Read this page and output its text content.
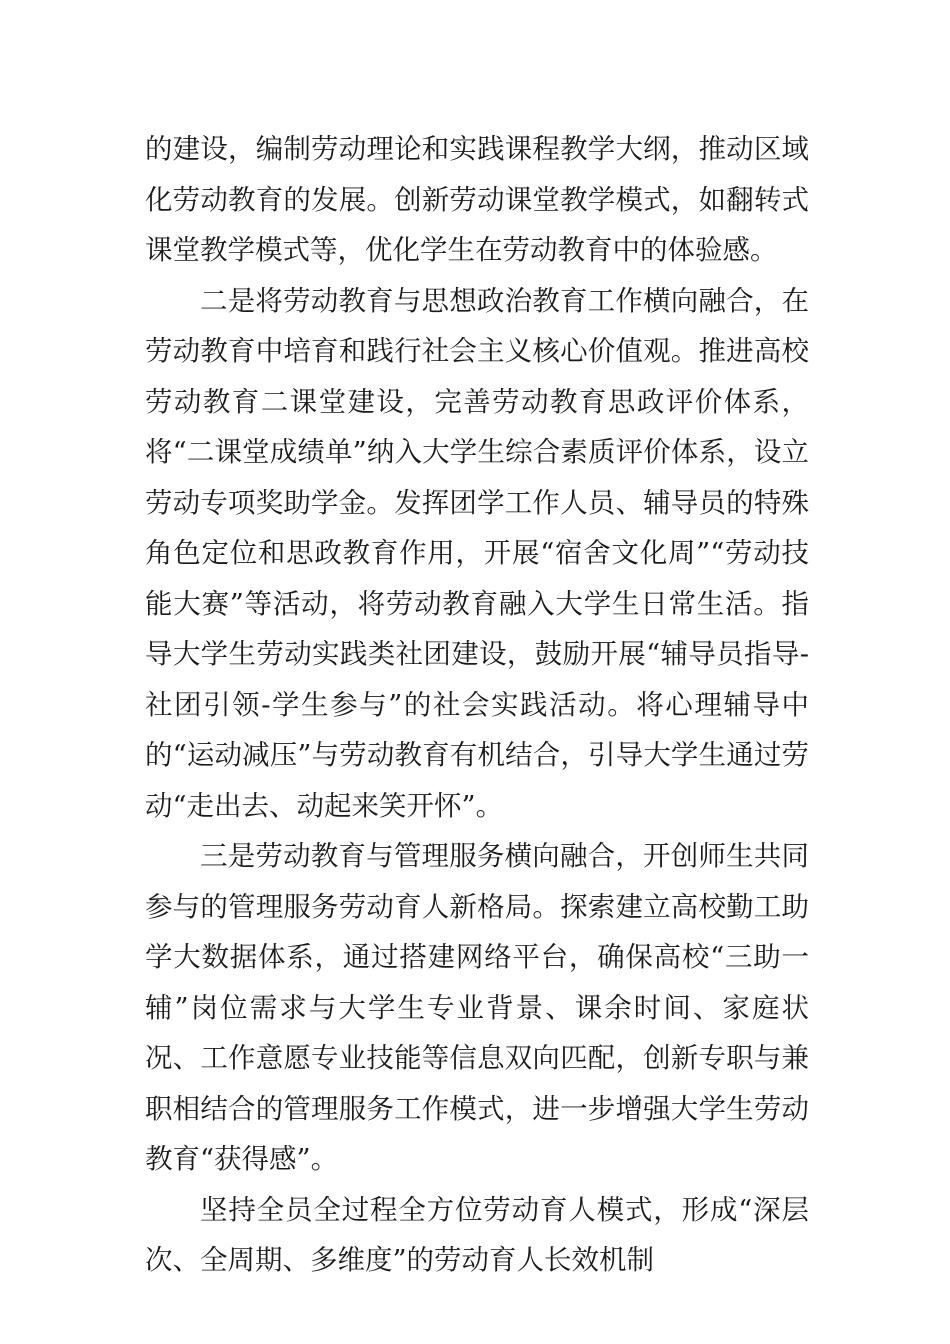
的建设，编制劳动理论和实践课程教学大纲，推动区域化劳动教育的发展。创新劳动课堂教学模式，如翻转式课堂教学模式等，优化学生在劳动教育中的体验感。

二是将劳动教育与思想政治教育工作横向融合，在劳动教育中培育和践行社会主义核心价值观。推进高校劳动教育二课堂建设，完善劳动教育思政评价体系，将“二课堂成绩单”纳入大学生综合素质评价体系，设立劳动专项奖助学金。发挥团学工作人员、辅导员的特殊角色定位和思政教育作用，开展“宿舍文化周”“劳动技能大赛”等活动，将劳动教育融入大学生日常生活。指导大学生劳动实践类社团建设，鼓励开展“辅导员指导-社团引领-学生参与”的社会实践活动。将心理辅导中的“运动减压”与劳动教育有机结合，引导大学生通过劳动“走出去、动起来笑开怀”。

三是劳动教育与管理服务横向融合，开创师生共同参与的管理服务劳动育人新格局。探索建立高校勤工助学大数据体系，通过搭建网络平台，确保高校“三助一辅”岗位需求与大学生专业背景、课余时间、家庭状况、工作意愿专业技能等信息双向匹配，创新专职与兼职相结合的管理服务工作模式，进一步增强大学生劳动教育“获得感”。

坚持全员全过程全方位劳动育人模式，形成“深层次、全周期、多维度”的劳动育人长效机制
